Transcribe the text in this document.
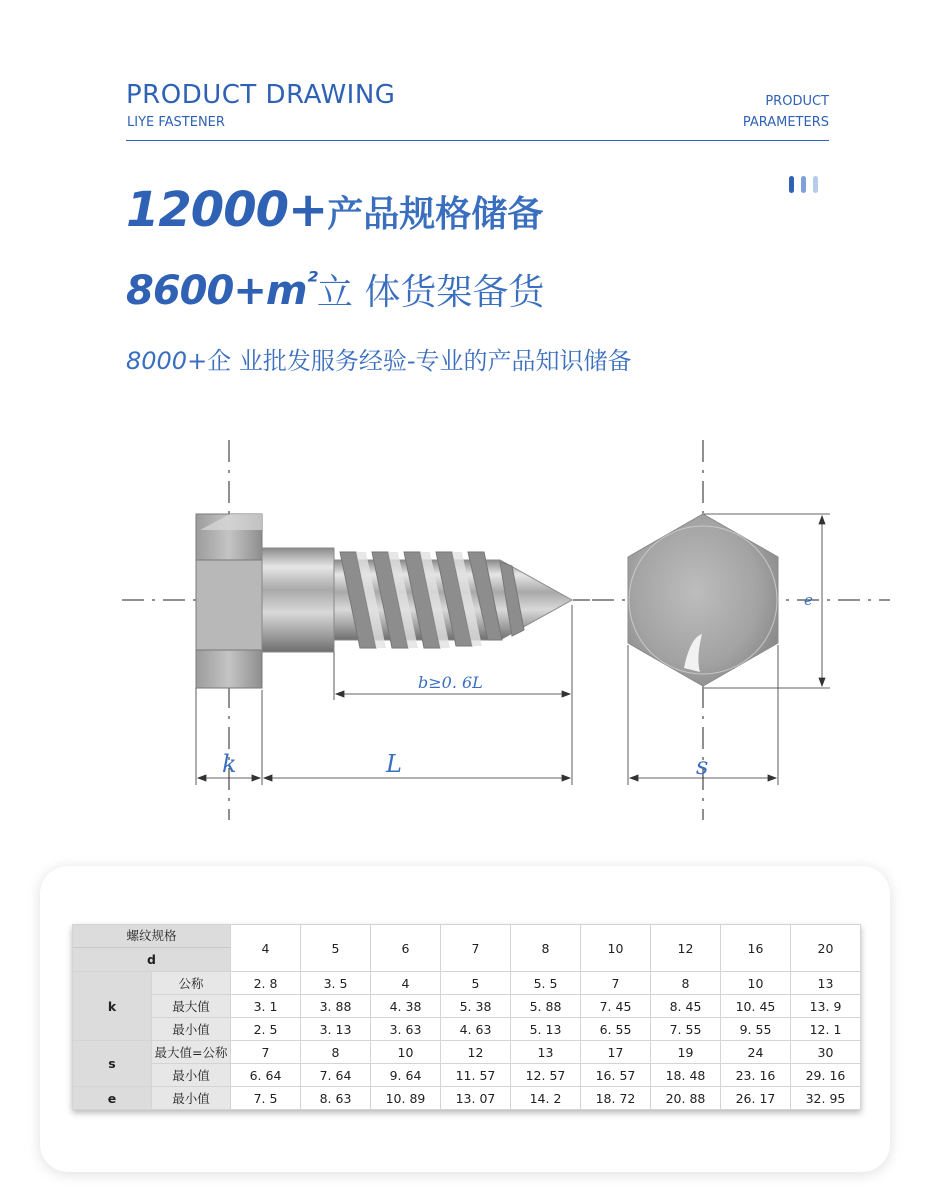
PRODUCT DRAWING
LIYE FASTENER
PRODUCT
PARAMETERS
12000+产品规格储备
8600+m²立 体货架备货
8000+企 业批发服务经验-专业的产品知识储备
b≥0. 6L
k	L	s
e
螺纹规格
d		4	5	6	7	8	10	12	16	20
k	公称	2. 8	3. 5	4	5	5. 5	7	8	10	13
	最大值	3. 1	3. 88	4. 38	5. 38	5. 88	7. 45	8. 45	10. 45	13. 9
	最小值	2. 5	3. 13	3. 63	4. 63	5. 13	6. 55	7. 55	9. 55	12. 1
s	最大值=公称	7	8	10	12	13	17	19	24	30
	最小值	6. 64	7. 64	9. 64	11. 57	12. 57	16. 57	18. 48	23. 16	29. 16
e	最小值	7. 5	8. 63	10. 89	13. 07	14. 2	18. 72	20. 88	26. 17	32. 95
